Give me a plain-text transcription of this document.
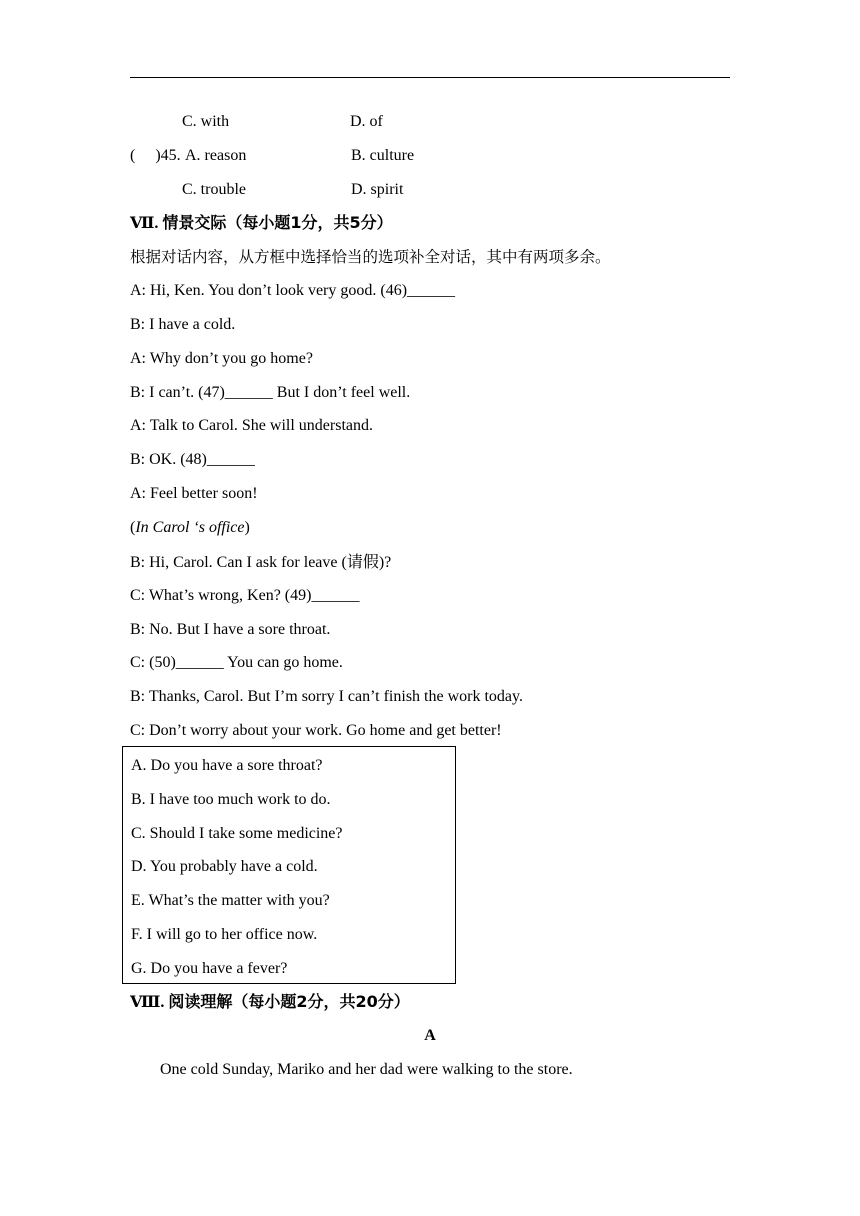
C. with	D. of
( )45. A. reason	B. culture
C. trouble	D. spirit
Ⅶ. 情景交际（每小题1分，共5分）
根据对话内容，从方框中选择恰当的选项补全对话，其中有两项多余。
A: Hi, Ken. You don’t look very good. (46)______
B: I have a cold.
A: Why don’t you go home?
B: I can’t. (47)______ But I don’t feel well.
A: Talk to Carol. She will understand.
B: OK. (48)______
A: Feel better soon!
(In Carol ‘s office)
B: Hi, Carol. Can I ask for leave (请假)?
C: What’s wrong, Ken? (49)______
B: No. But I have a sore throat.
C: (50)______ You can go home.
B: Thanks, Carol. But I’m sorry I can’t finish the work today.
C: Don’t worry about your work. Go home and get better!
A. Do you have a sore throat?
B. I have too much work to do.
C. Should I take some medicine?
D. You probably have a cold.
E. What’s the matter with you?
F. I will go to her office now.
G. Do you have a fever?
Ⅷ. 阅读理解（每小题2分，共20分）
A
One cold Sunday, Mariko and her dad were walking to the store.
